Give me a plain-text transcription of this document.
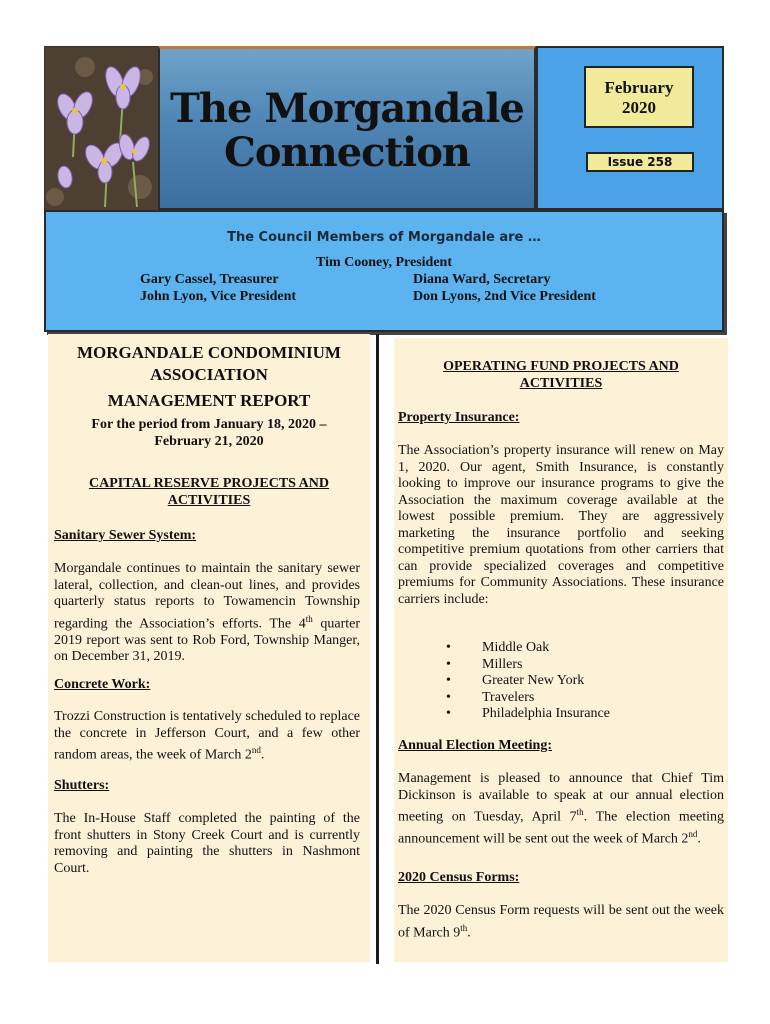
The Morgandale
Connection
February
2020
Issue 258
The Council Members of Morgandale are …
Tim Cooney, President
Gary Cassel, Treasurer
John Lyon, Vice President
Diana Ward, Secretary
Don Lyons, 2nd Vice President
MORGANDALE CONDOMINIUM
ASSOCIATION
MANAGEMENT REPORT
For the period from January 18, 2020 –
February 21, 2020
CAPITAL RESERVE PROJECTS AND ACTIVITIES
Sanitary Sewer System:
Morgandale continues to maintain the sanitary sewer lateral, collection, and clean-out lines, and provides quarterly status reports to Towamencin Township regarding the Association’s efforts. The 4th quarter 2019 report was sent to Rob Ford, Township Manger, on December 31, 2019.
Concrete Work:
Trozzi Construction is tentatively scheduled to replace the concrete in Jefferson Court, and a few other random areas, the week of March 2nd.
Shutters:
The In-House Staff completed the painting of the front shutters in Stony Creek Court and is currently removing and painting the shutters in Nashmont Court.
OPERATING FUND PROJECTS AND ACTIVITIES
Property Insurance:
The Association’s property insurance will renew on May 1, 2020. Our agent, Smith Insurance, is constantly looking to improve our insurance programs to give the Association the maximum coverage available at the lowest possible premium. They are aggressively marketing the insurance portfolio and seeking competitive premium quotations from other carriers that can provide specialized coverages and competitive premiums for Community Associations. These insurance carriers include:
• Middle Oak
• Millers
• Greater New York
• Travelers
• Philadelphia Insurance
Annual Election Meeting:
Management is pleased to announce that Chief Tim Dickinson is available to speak at our annual election meeting on Tuesday, April 7th. The election meeting announcement will be sent out the week of March 2nd.
2020 Census Forms:
The 2020 Census Form requests will be sent out the week of March 9th.
